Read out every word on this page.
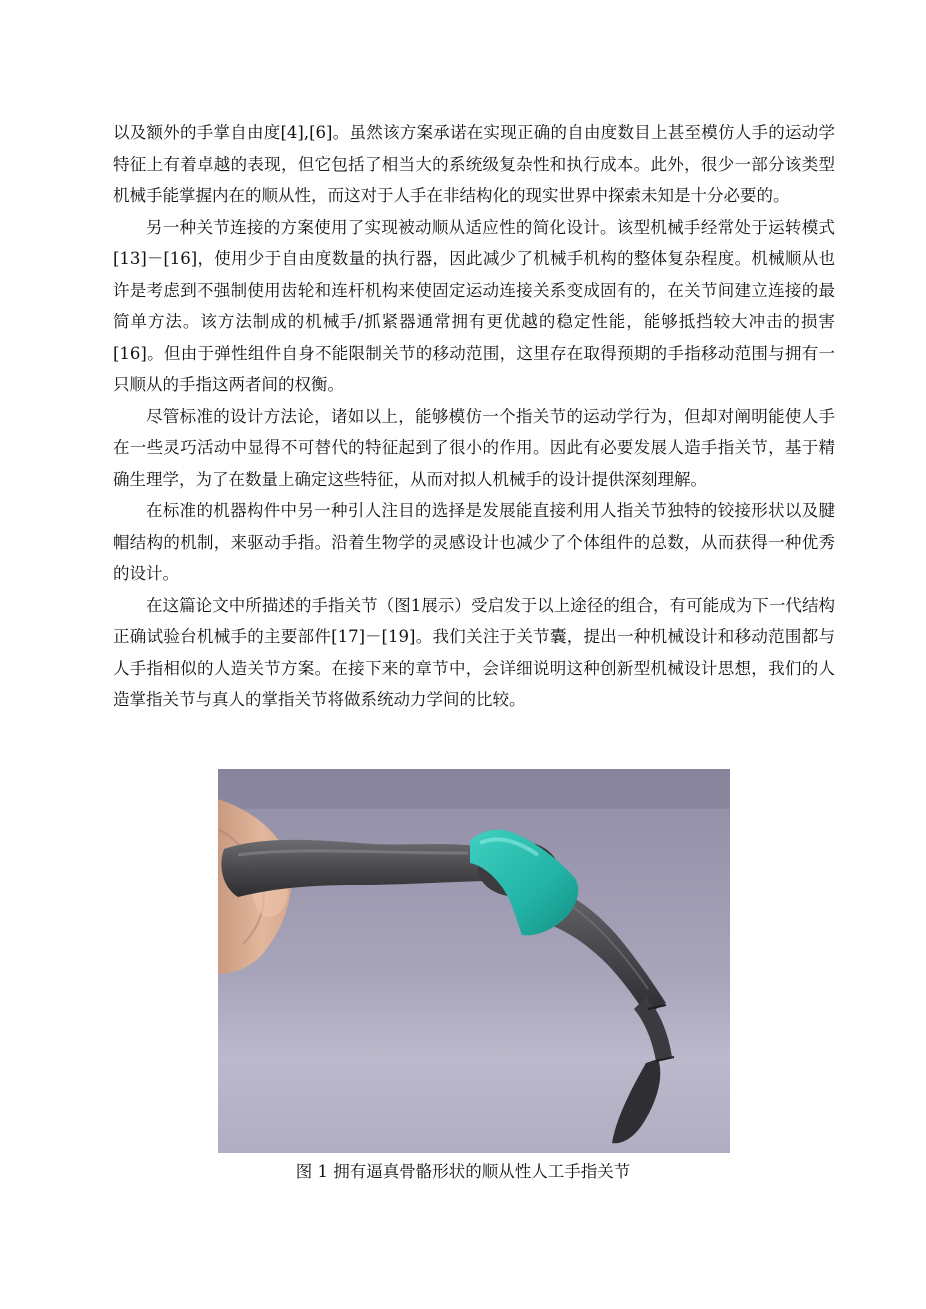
以及额外的手掌自由度[4],[6]。虽然该方案承诺在实现正确的自由度数目上甚至模仿人手的运动学特征上有着卓越的表现，但它包括了相当大的系统级复杂性和执行成本。此外，很少一部分该类型机械手能掌握内在的顺从性，而这对于人手在非结构化的现实世界中探索未知是十分必要的。

另一种关节连接的方案使用了实现被动顺从适应性的简化设计。该型机械手经常处于运转模式[13]－[16]，使用少于自由度数量的执行器，因此减少了机械手机构的整体复杂程度。机械顺从也许是考虑到不强制使用齿轮和连杆机构来使固定运动连接关系变成固有的，在关节间建立连接的最简单方法。该方法制成的机械手/抓紧器通常拥有更优越的稳定性能，能够抵挡较大冲击的损害[16]。但由于弹性组件自身不能限制关节的移动范围，这里存在取得预期的手指移动范围与拥有一只顺从的手指这两者间的权衡。

尽管标准的设计方法论，诸如以上，能够模仿一个指关节的运动学行为，但却对阐明能使人手在一些灵巧活动中显得不可替代的特征起到了很小的作用。因此有必要发展人造手指关节，基于精确生理学，为了在数量上确定这些特征，从而对拟人机械手的设计提供深刻理解。

在标准的机器构件中另一种引人注目的选择是发展能直接利用人指关节独特的铰接形状以及腱帽结构的机制，来驱动手指。沿着生物学的灵感设计也减少了个体组件的总数，从而获得一种优秀的设计。

在这篇论文中所描述的手指关节（图1展示）受启发于以上途径的组合，有可能成为下一代结构正确试验台机械手的主要部件[17]－[19]。我们关注于关节囊，提出一种机械设计和移动范围都与人手指相似的人造关节方案。在接下来的章节中，会详细说明这种创新型机械设计思想，我们的人造掌指关节与真人的掌指关节将做系统动力学间的比较。

图 1 拥有逼真骨骼形状的顺从性人工手指关节
